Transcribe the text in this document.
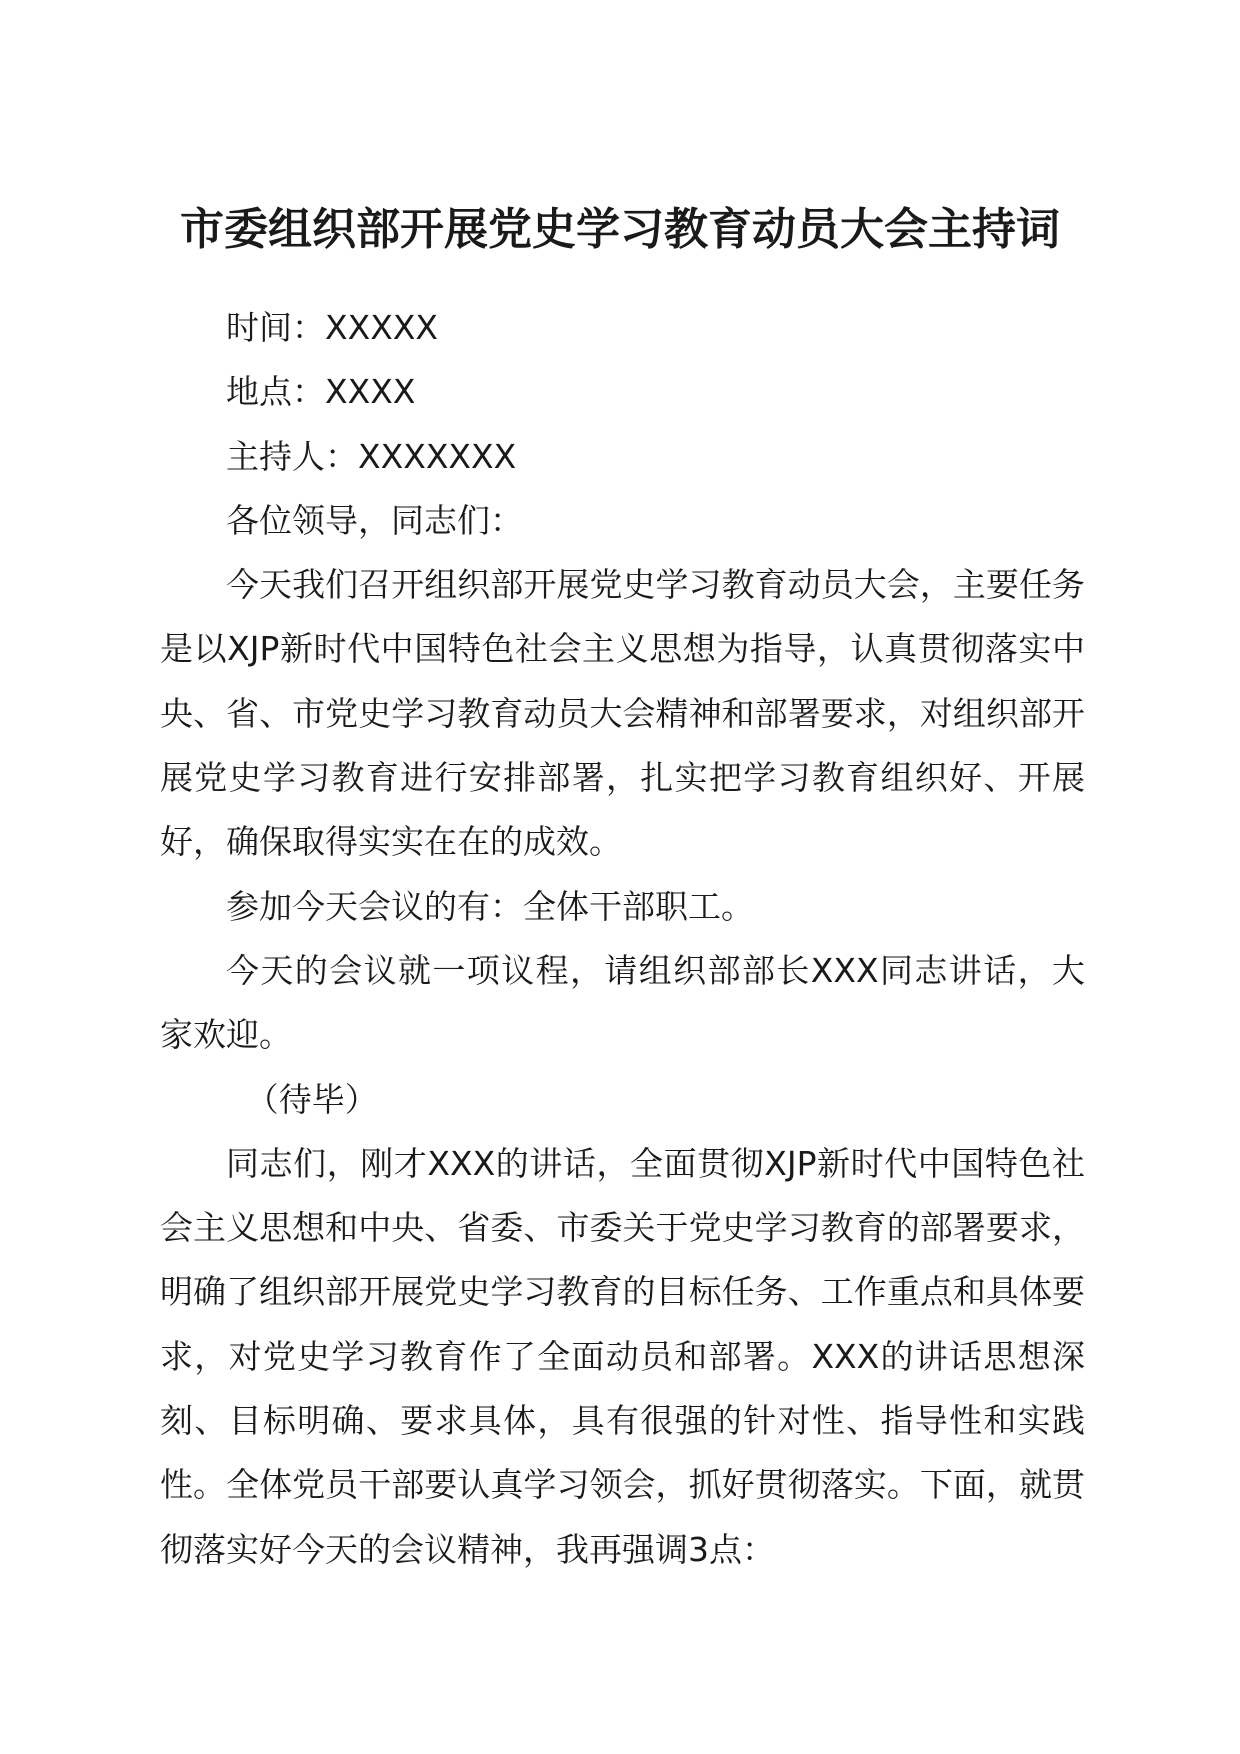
市委组织部开展党史学习教育动员大会主持词

时间：XXXXX

地点：XXXX

主持人：XXXXXXX

各位领导，同志们：

今天我们召开组织部开展党史学习教育动员大会，主要任务是以XJP新时代中国特色社会主义思想为指导，认真贯彻落实中央、省、市党史学习教育动员大会精神和部署要求，对组织部开展党史学习教育进行安排部署，扎实把学习教育组织好、开展好，确保取得实实在在的成效。

参加今天会议的有：全体干部职工。

今天的会议就一项议程，请组织部部长XXX同志讲话，大家欢迎。

（待毕）

同志们，刚才XXX的讲话，全面贯彻XJP新时代中国特色社会主义思想和中央、省委、市委关于党史学习教育的部署要求，明确了组织部开展党史学习教育的目标任务、工作重点和具体要求，对党史学习教育作了全面动员和部署。XXX的讲话思想深刻、目标明确、要求具体，具有很强的针对性、指导性和实践性。全体党员干部要认真学习领会，抓好贯彻落实。下面，就贯彻落实好今天的会议精神，我再强调3点：
